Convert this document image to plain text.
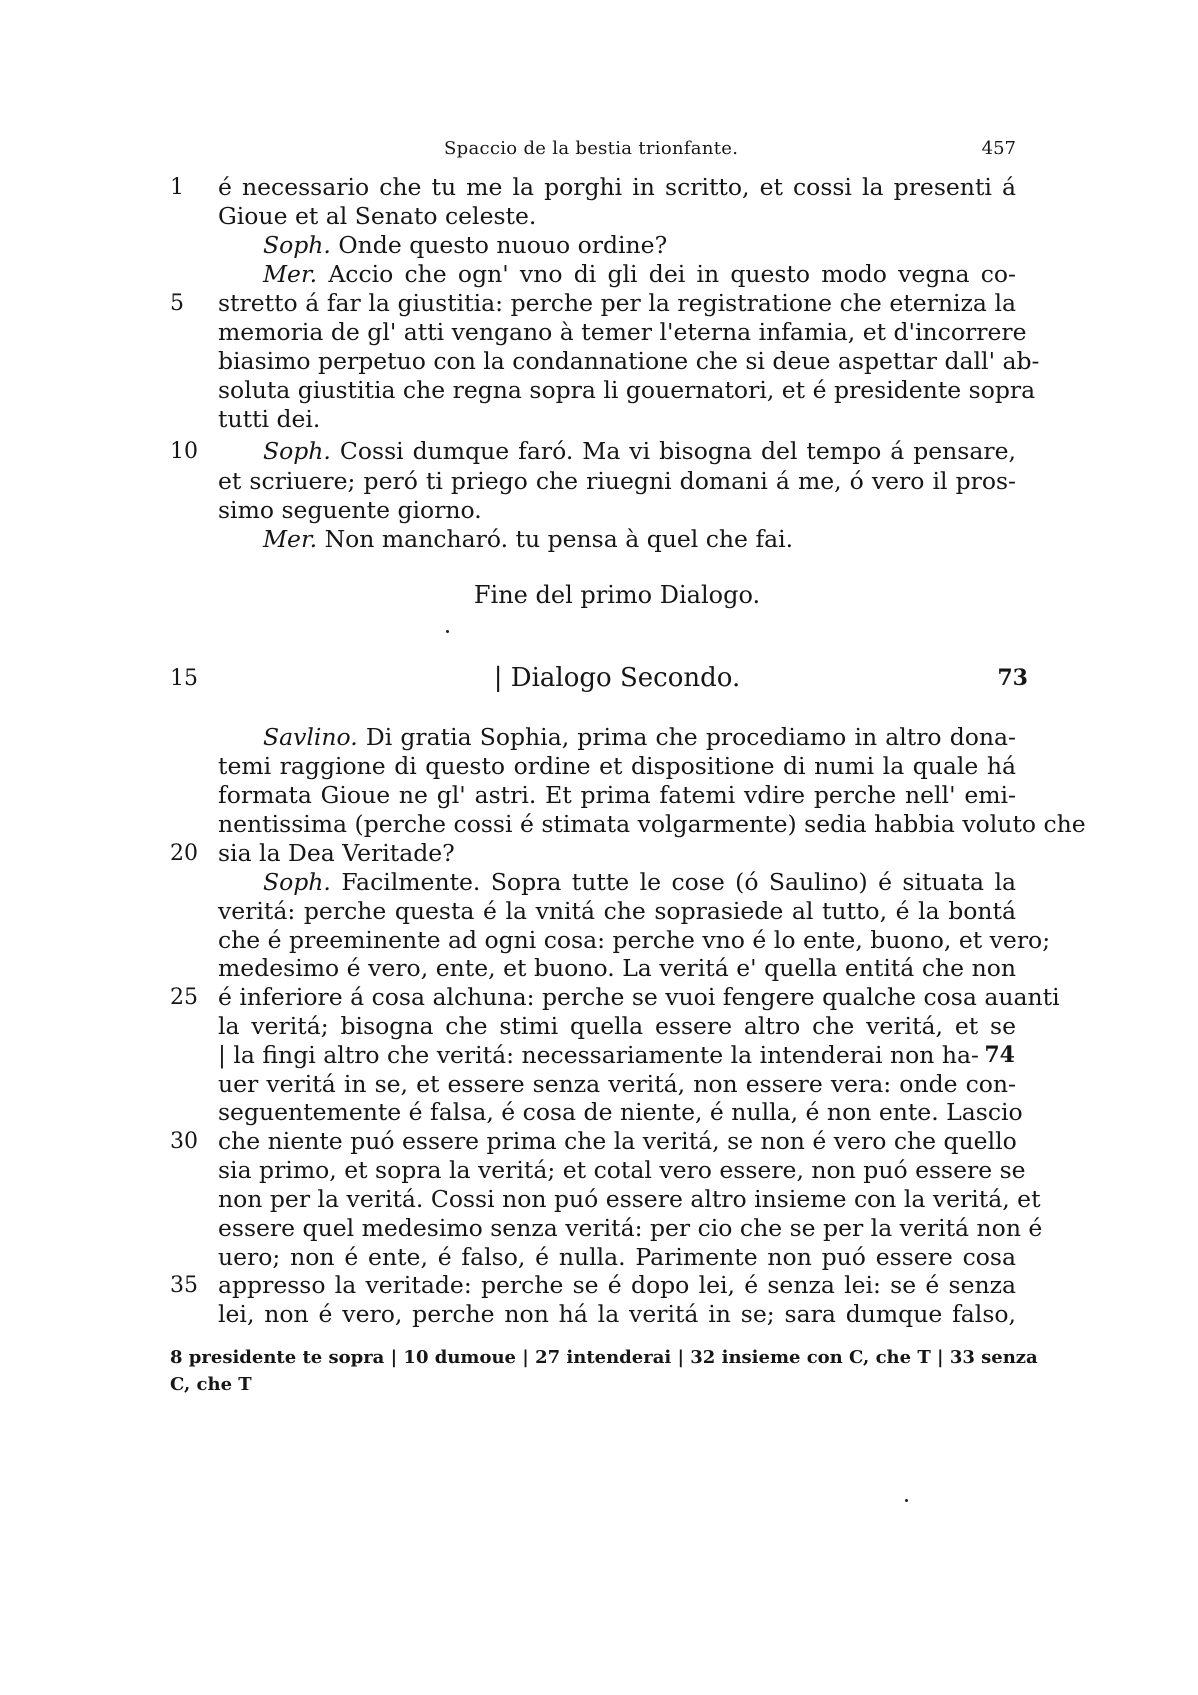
Spaccio de la bestia trionfante.	457
1
5
10
15
20
25
30
35
é necessario che tu me la porghi in scritto, et cossi la presenti á
Gioue et al Senato celeste.
Soph. Onde questo nuouo ordine?
Mer. Accio che ogn' vno di gli dei in questo modo vegna co-
stretto á far la giustitia: perche per la registratione che eterniza la
memoria de gl' atti vengano à temer l'eterna infamia, et d'incorrere
biasimo perpetuo con la condannatione che si deue aspettar dall' ab-
soluta giustitia che regna sopra li gouernatori, et é presidente sopra
tutti dei.
Soph. Cossi dumque faró. Ma vi bisogna del tempo á pensare,
et scriuere; peró ti priego che riuegni domani á me, ó vero il pros-
simo seguente giorno.
Mer. Non mancharó. tu pensa à quel che fai.
Fine del primo Dialogo.
| Dialogo Secondo.	73
Savlino. Di gratia Sophia, prima che procediamo in altro dona-
temi raggione di questo ordine et dispositione di numi la quale há
formata Gioue ne gl' astri. Et prima fatemi vdire perche nell' emi-
nentissima (perche cossi é stimata volgarmente) sedia habbia voluto che
sia la Dea Veritade?
Soph. Facilmente. Sopra tutte le cose (ó Saulino) é situata la
veritá: perche questa é la vnitá che soprasiede al tutto, é la bontá
che é preeminente ad ogni cosa: perche vno é lo ente, buono, et vero;
medesimo é vero, ente, et buono. La veritá e' quella entitá che non
é inferiore á cosa alchuna: perche se vuoi fengere qualche cosa auanti
la veritá; bisogna che stimi quella essere altro che veritá, et se
| la fingi altro che veritá: necessariamente la intenderai non ha- 74
uer veritá in se, et essere senza veritá, non essere vera: onde con-
seguentemente é falsa, é cosa de niente, é nulla, é non ente. Lascio
che niente puó essere prima che la veritá, se non é vero che quello
sia primo, et sopra la veritá; et cotal vero essere, non puó essere se
non per la veritá. Cossi non puó essere altro insieme con la veritá, et
essere quel medesimo senza veritá: per cio che se per la veritá non é
uero; non é ente, é falso, é nulla. Parimente non puó essere cosa
appresso la veritade: perche se é dopo lei, é senza lei: se é senza
lei, non é vero, perche non há la veritá in se; sara dumque falso,
8 presidente te sopra | 10 dumoue | 27 intenderai | 32 insieme con C, che T | 33 senza
C, che T
